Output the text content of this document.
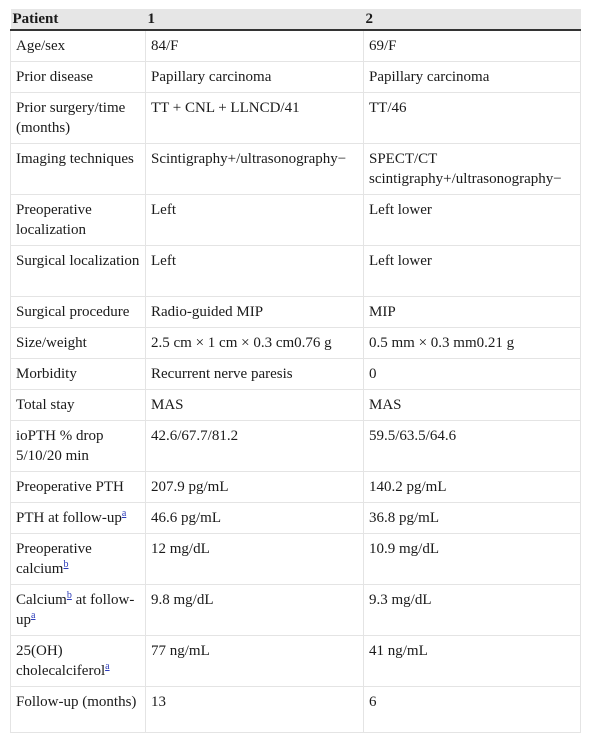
Patient	1	2
Age/sex	84/F	69/F
Prior disease	Papillary carcinoma	Papillary carcinoma
Prior surgery/time (months)	TT + CNL + LLNCD/41	TT/46
Imaging techniques	Scintigraphy+/ultrasonography−	SPECT/CT scintigraphy+/ultrasonography−
Preoperative localization	Left	Left lower
Surgical localization	Left	Left lower
Surgical procedure	Radio-guided MIP	MIP
Size/weight	2.5 cm × 1 cm × 0.3 cm0.76 g	0.5 mm × 0.3 mm0.21 g
Morbidity	Recurrent nerve paresis	0
Total stay	MAS	MAS
ioPTH % drop 5/10/20 min	42.6/67.7/81.2	59.5/63.5/64.6
Preoperative PTH	207.9 pg/mL	140.2 pg/mL
PTH at follow-up$^a$	46.6 pg/mL	36.8 pg/mL
Preoperative calcium$^b$	12 mg/dL	10.9 mg/dL
Calcium$^b$ at follow-up$^a$	9.8 mg/dL	9.3 mg/dL
25(OH) cholecalciferol$^a$	77 ng/mL	41 ng/mL
Follow-up (months)	13	6
